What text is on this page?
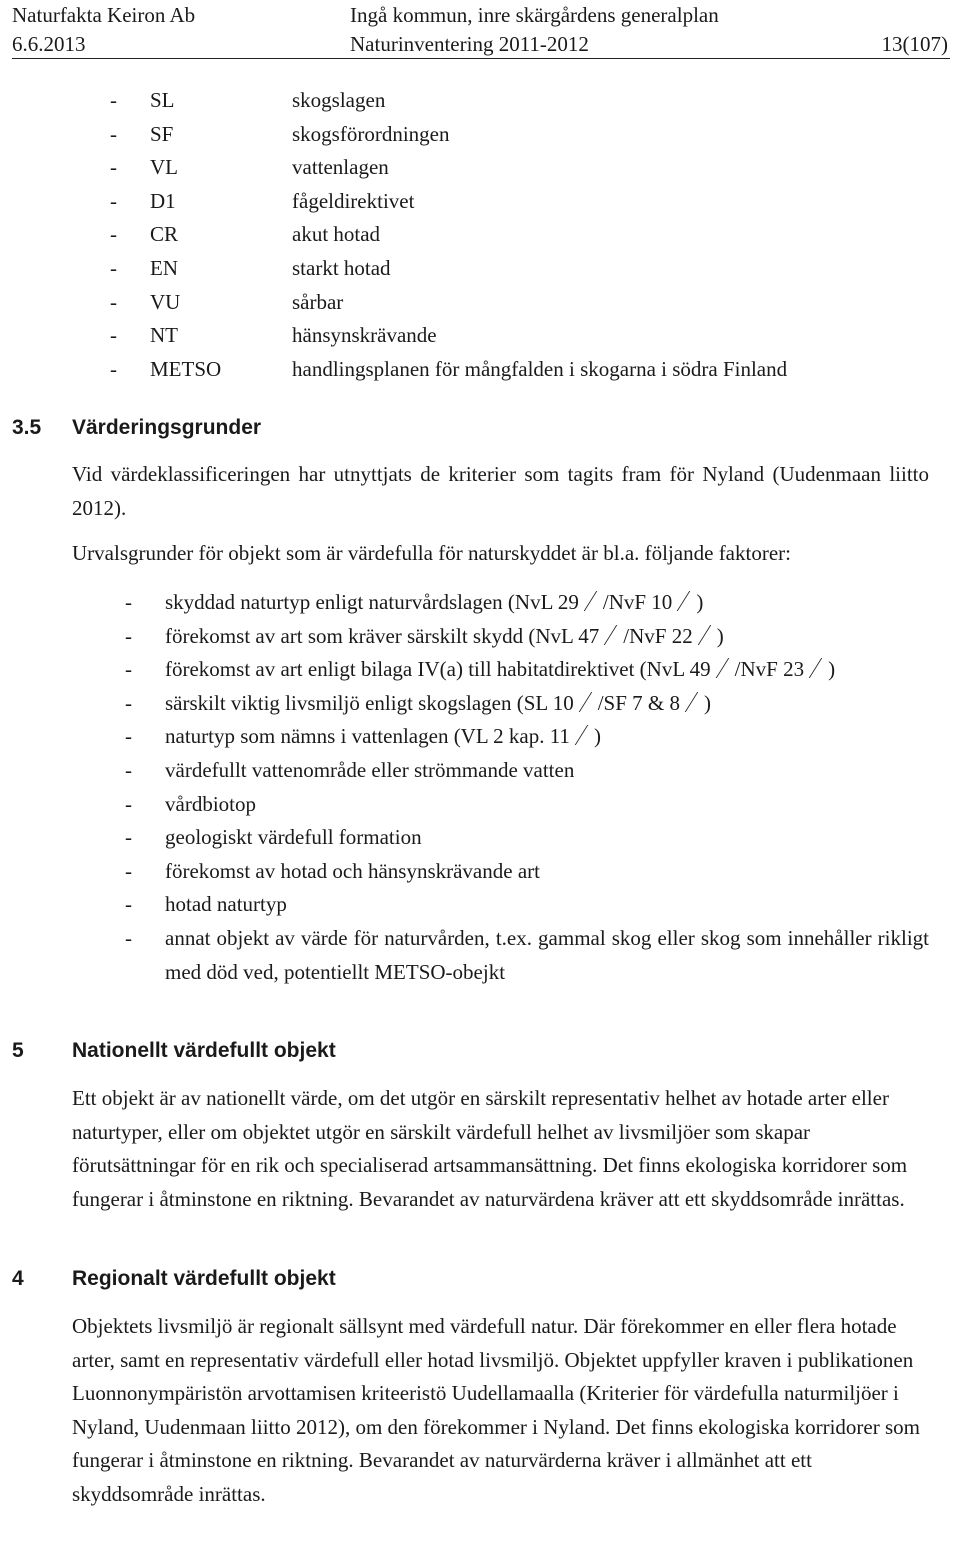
Naturfakta Keiron Ab
6.6.2013
Ingå kommun, inre skärgårdens generalplan
Naturinventering 2011-2012	13(107)
- SL	skogslagen
- SF	skogsförordningen
- VL	vattenlagen
- D1	fågeldirektivet
- CR	akut hotad
- EN	starkt hotad
- VU	sårbar
- NT	hänsynskrävande
- METSO	handlingsplanen för mångfalden i skogarna i södra Finland
3.5	Värderingsgrunder

Vid värdeklassificeringen har utnyttjats de kriterier som tagits fram för Nyland (Uudenmaan liitto 2012).

Urvalsgrunder för objekt som är värdefulla för naturskyddet är bl.a. följande faktorer:

- skyddad naturtyp enligt naturvårdslagen (NvL 29 /NvF 10 )
- förekomst av art som kräver särskilt skydd (NvL 47 /NvF 22 )
- förekomst av art enligt bilaga IV(a) till habitatdirektivet (NvL 49 /NvF 23 )
- särskilt viktig livsmiljö enligt skogslagen (SL 10 /SF 7 & 8 )
- naturtyp som nämns i vattenlagen (VL 2 kap. 11 )
- värdefullt vattenområde eller strömmande vatten
- vårdbiotop
- geologiskt värdefull formation
- förekomst av hotad och hänsynskrävande art
- hotad naturtyp
- annat objekt av värde för naturvården, t.ex. gammal skog eller skog som innehåller rikligt med död ved, potentiellt METSO-obejkt
5	Nationellt värdefullt objekt

Ett objekt är av nationellt värde, om det utgör en särskilt representativ helhet av hotade arter eller naturtyper, eller om objektet utgör en särskilt värdefull helhet av livsmiljöer som skapar förutsättningar för en rik och specialiserad artsammansättning. Det finns ekologiska korridorer som fungerar i åtminstone en riktning. Bevarandet av naturvärdena kräver att ett skyddsområde inrättas.

4	Regionalt värdefullt objekt

Objektets livsmiljö är regionalt sällsynt med värdefull natur. Där förekommer en eller flera hotade arter, samt en representativ värdefull eller hotad livsmiljö. Objektet uppfyller kraven i publikationen Luonnonympäristön arvottamisen kriteeristö Uudellamaalla (Kriterier för värdefulla naturmiljöer i Nyland, Uudenmaan liitto 2012), om den förekommer i Nyland. Det finns ekologiska korridorer som fungerar i åtminstone en riktning. Bevarandet av naturvärderna kräver i allmänhet att ett skyddsområde inrättas.
